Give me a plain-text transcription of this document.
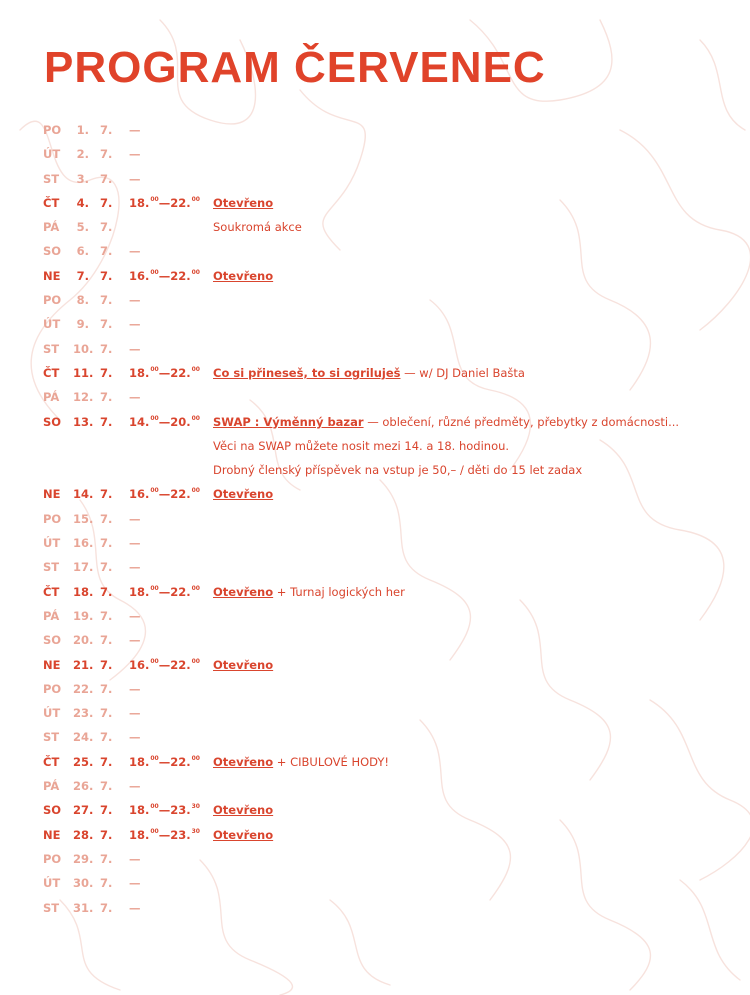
PROGRAM ČERVENEC
PO	1. 7. —
ÚT	2. 7. —
ST	3. 7. —
ČT	4. 7. 18.00—22.00 Otevřeno
PÁ	5. 7.	Soukromá akce
SO	6. 7. —
NE	7. 7. 16.00—22.00 Otevřeno
PO	8. 7. —
ÚT	9. 7. —
ST	10. 7. —
ČT	11. 7. 18.00—22.00 Co si přineseš, to si ogriluješ — w/ DJ Daniel Bašta
PÁ	12. 7. —
SO	13. 7. 14.00—20.00 SWAP : Výměnný bazar — oblečení, různé předměty, přebytky z domácnosti...
Věci na SWAP můžete nosit mezi 14. a 18. hodinou.
Drobný členský příspěvek na vstup je 50,– / děti do 15 let zadax
NE	14. 7. 16.00—22.00 Otevřeno
PO	15. 7. —
ÚT	16. 7. —
ST	17. 7. —
ČT	18. 7. 18.00—22.00 Otevřeno + Turnaj logických her
PÁ	19. 7. —
SO	20. 7. —
NE	21. 7. 16.00—22.00 Otevřeno
PO	22. 7. —
ÚT	23. 7. —
ST	24. 7. —
ČT	25. 7. 18.00—22.00 Otevřeno + CIBULOVÉ HODY!
PÁ	26. 7. —
SO	27. 7. 18.00—23.30 Otevřeno
NE	28. 7. 18.00—23.30 Otevřeno
PO	29. 7. —
ÚT	30. 7. —
ST	31. 7. —
